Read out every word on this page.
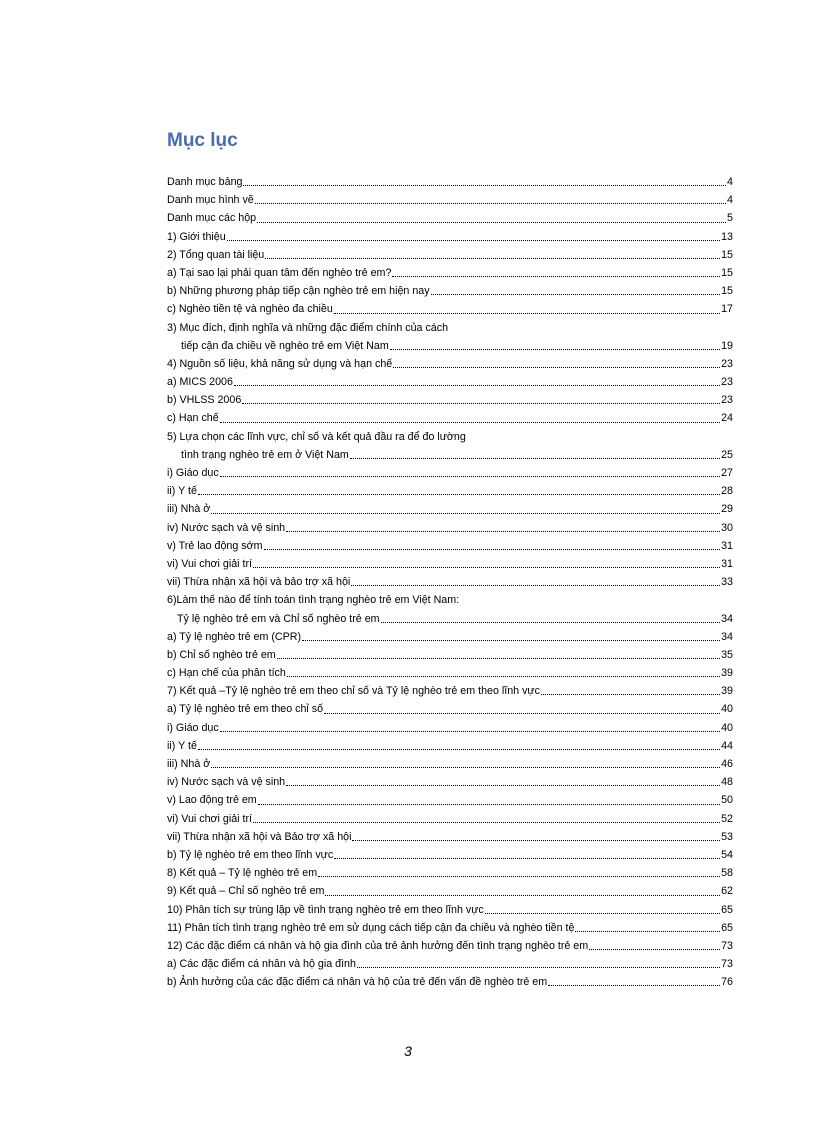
Mục lục
Danh mục bảng	4
Danh mục hình vẽ	4
Danh mục các hộp	5
1) Giới thiệu	13
2) Tổng quan tài liệu	15
a) Tại sao lại phải quan tâm đến nghèo trẻ em?	15
b) Những phương pháp tiếp cận nghèo trẻ em hiện nay	15
c) Nghèo tiền tệ và nghèo đa chiều	17
3) Mục đích, định nghĩa và những đặc điểm chính của cách
tiếp cận đa chiều về nghèo trẻ em Việt Nam	19
4) Nguồn số liệu, khả năng sử dụng và hạn chế	23
a) MICS 2006	23
b) VHLSS 2006	23
c) Hạn chế	24
5) Lựa chọn các lĩnh vực, chỉ số và kết quả đầu ra để đo lường
tình trạng nghèo trẻ em ở Việt Nam	25
i) Giáo dục	27
ii) Y tế	28
iii) Nhà ở	29
iv) Nước sạch và vệ sinh	30
v) Trẻ lao động sớm	31
vi) Vui chơi giải trí	31
vii) Thừa nhận xã hội và bảo trợ xã hội	33
6)Làm thế nào để tính toán tình trạng nghèo trẻ em Việt Nam:
Tỷ lệ nghèo trẻ em và Chỉ số nghèo trẻ em	34
a) Tỷ lệ nghèo trẻ em (CPR)	34
b) Chỉ số nghèo trẻ em	35
c) Hạn chế của phân tích	39
7) Kết quả –Tỷ lệ nghèo trẻ em theo chỉ số và Tỷ lệ nghèo trẻ em theo lĩnh vực	39
a) Tỷ lệ nghèo trẻ em theo chỉ số	40
i) Giáo dục	40
ii) Y tế	44
iii) Nhà ở	46
iv) Nước sạch và vệ sinh	48
v) Lao động trẻ em	50
vi) Vui chơi giải trí	52
vii) Thừa nhận xã hội và Bảo trợ xã hội	53
b) Tỷ lệ nghèo trẻ em theo lĩnh vực	54
8) Kết quả – Tỷ lệ nghèo trẻ em	58
9) Kết quả – Chỉ số nghèo trẻ em	62
10) Phân tích sự trùng lặp về tình trạng nghèo trẻ em theo lĩnh vực	65
11) Phân tích tình trạng nghèo trẻ em sử dụng cách tiếp cận đa chiều và nghèo tiền tệ	65
12) Các đặc điểm cá nhân và hộ gia đình của trẻ ảnh hưởng đến tình trạng nghèo trẻ em	73
a) Các đặc điểm cá nhân và hộ gia đình	73
b) Ảnh hưởng của các đặc điểm cá nhân và hộ của trẻ đến vấn đề nghèo trẻ em	76
3
